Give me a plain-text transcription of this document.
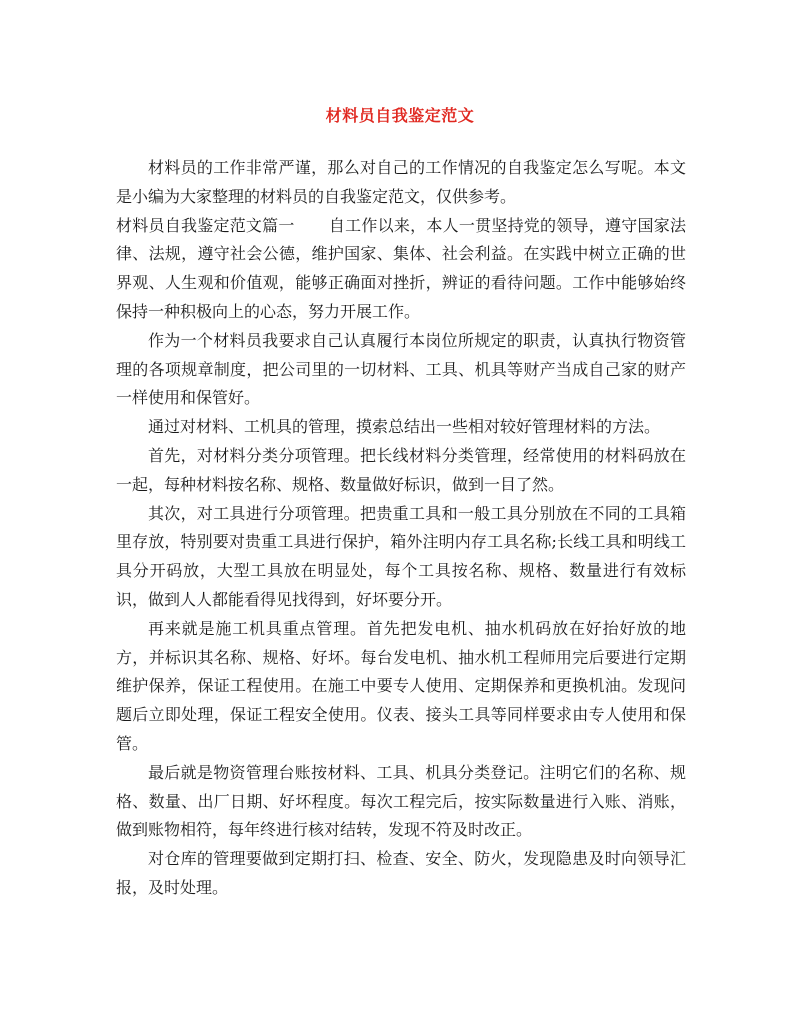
材料员自我鉴定范文

材料员的工作非常严谨，那么对自己的工作情况的自我鉴定怎么写呢。本文是小编为大家整理的材料员的自我鉴定范文，仅供参考。

材料员自我鉴定范文篇一 自工作以来，本人一贯坚持党的领导，遵守国家法律、法规，遵守社会公德，维护国家、集体、社会利益。在实践中树立正确的世界观、人生观和价值观，能够正确面对挫折，辨证的看待问题。工作中能够始终保持一种积极向上的心态，努力开展工作。

作为一个材料员我要求自己认真履行本岗位所规定的职责，认真执行物资管理的各项规章制度，把公司里的一切材料、工具、机具等财产当成自己家的财产一样使用和保管好。

通过对材料、工机具的管理，摸索总结出一些相对较好管理材料的方法。

首先，对材料分类分项管理。把长线材料分类管理，经常使用的材料码放在一起，每种材料按名称、规格、数量做好标识，做到一目了然。

其次，对工具进行分项管理。把贵重工具和一般工具分别放在不同的工具箱里存放，特别要对贵重工具进行保护，箱外注明内存工具名称;长线工具和明线工具分开码放，大型工具放在明显处，每个工具按名称、规格、数量进行有效标识，做到人人都能看得见找得到，好坏要分开。

再来就是施工机具重点管理。首先把发电机、抽水机码放在好抬好放的地方，并标识其名称、规格、好坏。每台发电机、抽水机工程师用完后要进行定期维护保养，保证工程使用。在施工中要专人使用、定期保养和更换机油。发现问题后立即处理，保证工程安全使用。仪表、接头工具等同样要求由专人使用和保管。

最后就是物资管理台账按材料、工具、机具分类登记。注明它们的名称、规格、数量、出厂日期、好坏程度。每次工程完后，按实际数量进行入账、消账，做到账物相符，每年终进行核对结转，发现不符及时改正。

对仓库的管理要做到定期打扫、检查、安全、防火，发现隐患及时向领导汇报，及时处理。
